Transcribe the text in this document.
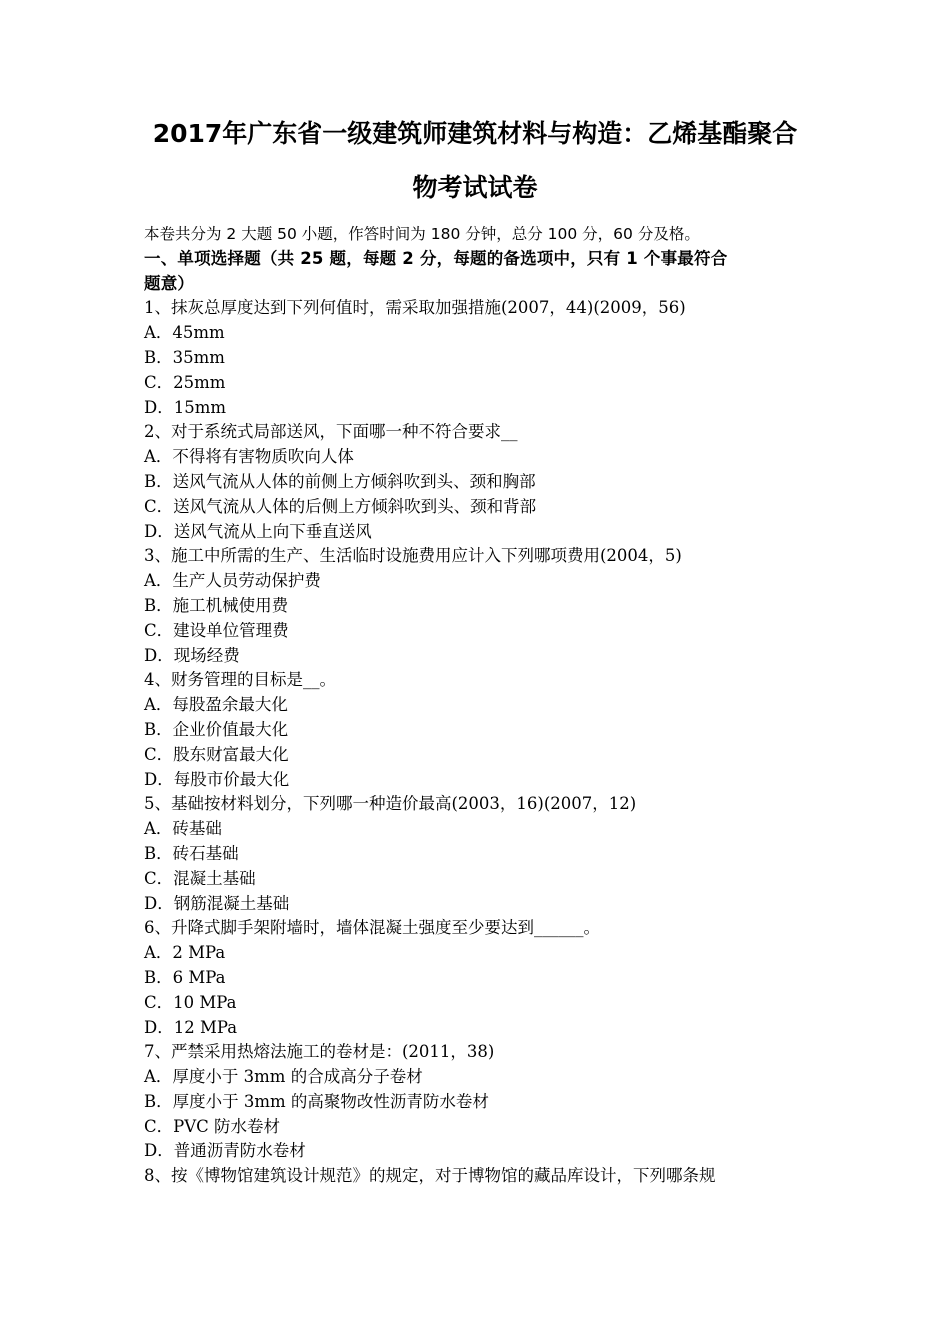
2017年广东省一级建筑师建筑材料与构造：乙烯基酯聚合
物考试试卷
本卷共分为 2 大题 50 小题，作答时间为 180 分钟，总分 100 分，60 分及格。
一、单项选择题（共 25 题，每题 2 分，每题的备选项中，只有 1 个事最符合
题意）
1、抹灰总厚度达到下列何值时，需采取加强措施(2007，44)(2009，56)
A．45mm
B．35mm
C．25mm
D．15mm
2、对于系统式局部送风，下面哪一种不符合要求__
A．不得将有害物质吹向人体
B．送风气流从人体的前侧上方倾斜吹到头、颈和胸部
C．送风气流从人体的后侧上方倾斜吹到头、颈和背部
D．送风气流从上向下垂直送风
3、施工中所需的生产、生活临时设施费用应计入下列哪项费用(2004，5)
A．生产人员劳动保护费
B．施工机械使用费
C．建设单位管理费
D．现场经费
4、财务管理的目标是__。
A．每股盈余最大化
B．企业价值最大化
C．股东财富最大化
D．每股市价最大化
5、基础按材料划分，下列哪一种造价最高(2003，16)(2007，12)
A．砖基础
B．砖石基础
C．混凝土基础
D．钢筋混凝土基础
6、升降式脚手架附墙时，墙体混凝土强度至少要达到______。
A．2 MPa
B．6 MPa
C．10 MPa
D．12 MPa
7、严禁采用热熔法施工的卷材是：(2011，38)
A．厚度小于 3mm 的合成高分子卷材
B．厚度小于 3mm 的高聚物改性沥青防水卷材
C．PVC 防水卷材
D．普通沥青防水卷材
8、按《博物馆建筑设计规范》的规定，对于博物馆的藏品库设计，下列哪条规
